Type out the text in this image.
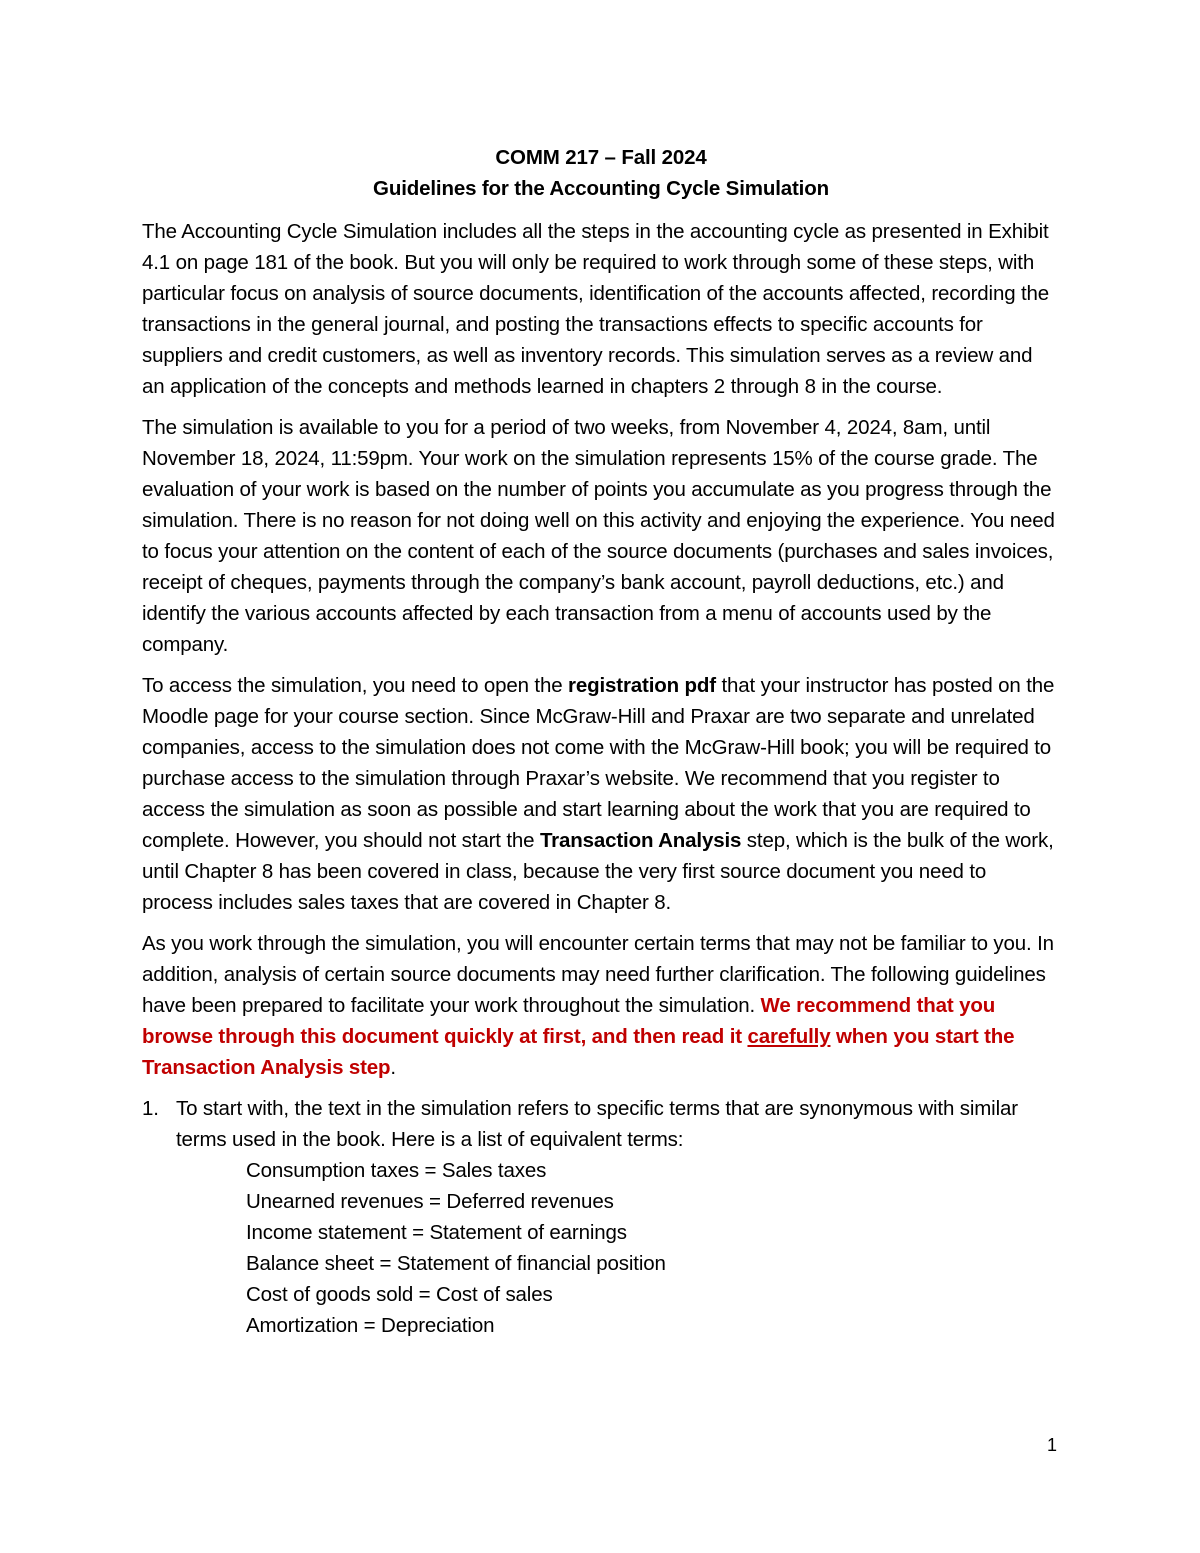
COMM 217 – Fall 2024
Guidelines for the Accounting Cycle Simulation

The Accounting Cycle Simulation includes all the steps in the accounting cycle as presented in Exhibit 4.1 on page 181 of the book. But you will only be required to work through some of these steps, with particular focus on analysis of source documents, identification of the accounts affected, recording the transactions in the general journal, and posting the transactions effects to specific accounts for suppliers and credit customers, as well as inventory records. This simulation serves as a review and an application of the concepts and methods learned in chapters 2 through 8 in the course.

The simulation is available to you for a period of two weeks, from November 4, 2024, 8am, until November 18, 2024, 11:59pm. Your work on the simulation represents 15% of the course grade. The evaluation of your work is based on the number of points you accumulate as you progress through the simulation. There is no reason for not doing well on this activity and enjoying the experience. You need to focus your attention on the content of each of the source documents (purchases and sales invoices, receipt of cheques, payments through the company’s bank account, payroll deductions, etc.) and identify the various accounts affected by each transaction from a menu of accounts used by the company.

To access the simulation, you need to open the registration pdf that your instructor has posted on the Moodle page for your course section. Since McGraw-Hill and Praxar are two separate and unrelated companies, access to the simulation does not come with the McGraw-Hill book; you will be required to purchase access to the simulation through Praxar’s website. We recommend that you register to access the simulation as soon as possible and start learning about the work that you are required to complete. However, you should not start the Transaction Analysis step, which is the bulk of the work, until Chapter 8 has been covered in class, because the very first source document you need to process includes sales taxes that are covered in Chapter 8.

As you work through the simulation, you will encounter certain terms that may not be familiar to you. In addition, analysis of certain source documents may need further clarification. The following guidelines have been prepared to facilitate your work throughout the simulation. We recommend that you browse through this document quickly at first, and then read it carefully when you start the Transaction Analysis step.

1. To start with, the text in the simulation refers to specific terms that are synonymous with similar terms used in the book. Here is a list of equivalent terms:
Consumption taxes = Sales taxes
Unearned revenues = Deferred revenues
Income statement = Statement of earnings
Balance sheet = Statement of financial position
Cost of goods sold = Cost of sales
Amortization = Depreciation
1
